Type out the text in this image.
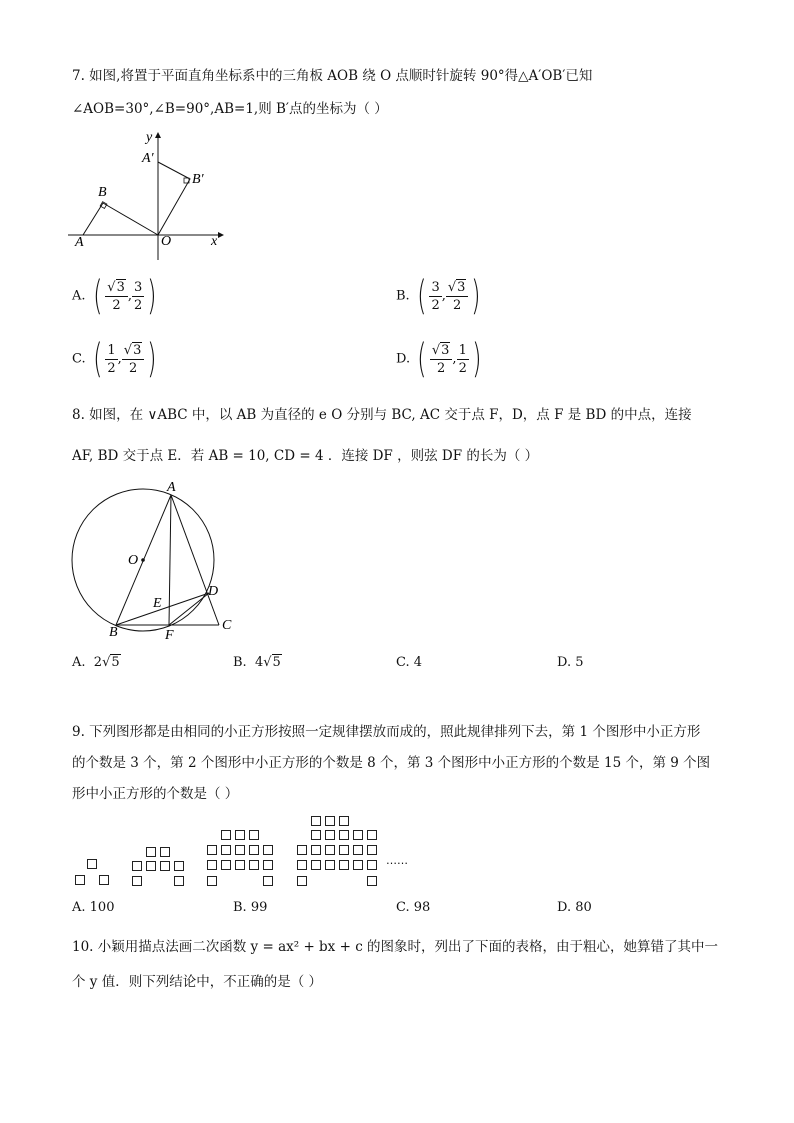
7. 如图,将置于平面直角坐标系中的三角板 AOB 绕 O 点顺时针旋转 90°得△A′OB′已知
∠AOB=30°,∠B=90°,AB=1,则 B′点的坐标为（ ）
y
A′
B′
B
A	O	x
A. ( $\frac{√3}{2}$ , $\frac{3}{2}$ )	B. ( $\frac{3}{2}$ , $\frac{√3}{2}$ )
C. ( $\frac{1}{2}$ , $\frac{√3}{2}$ )	D. ( $\frac{√3}{2}$ , $\frac{1}{2}$ )
8. 如图，在 ∨ABC 中，以 AB 为直径的 e O 分别与 BC, AC 交于点 F，D，点 F 是 BD 的中点，连接
AF, BD 交于点 E．若 AB = 10, CD = 4 ．连接 DF ，则弦 DF 的长为（ ）
A
O
D
E
B	F
C
A. 2√5	B. 4√5	C. 4	D. 5
9. 下列图形都是由相同的小正方形按照一定规律摆放而成的，照此规律排列下去，第 1 个图形中小正方形
的个数是 3 个，第 2 个图形中小正方形的个数是 8 个，第 3 个图形中小正方形的个数是 15 个，第 9 个图
形中小正方形的个数是（ ）
……
A. 100	B. 99	C. 98	D. 80
10. 小颖用描点法画二次函数 y = ax² + bx + c 的图象时，列出了下面的表格，由于粗心，她算错了其中一
个 y 值．则下列结论中，不正确的是（ ）
